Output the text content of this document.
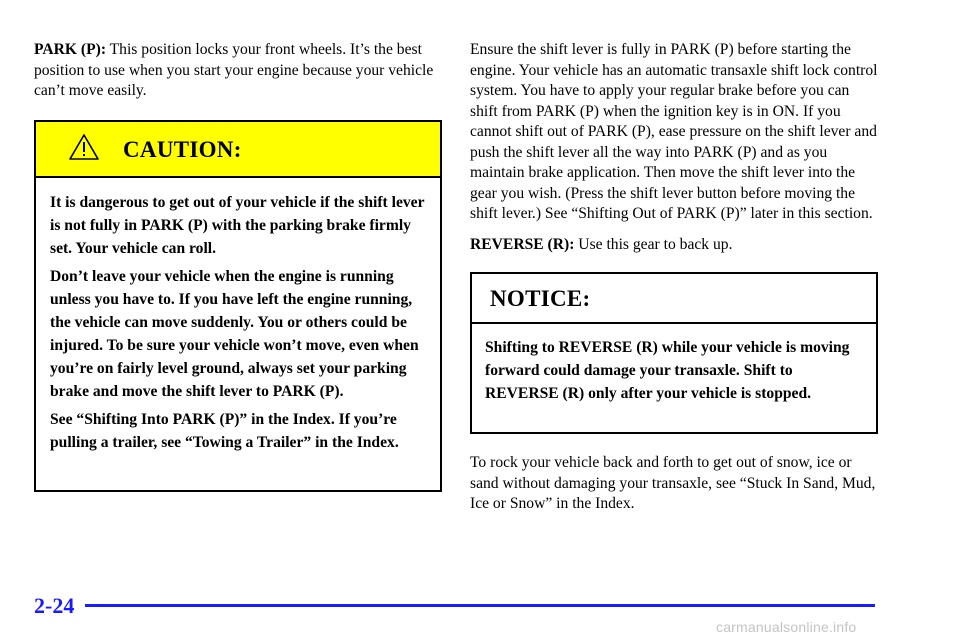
PARK (P): This position locks your front wheels. It’s the best position to use when you start your engine because your vehicle can’t move easily.

CAUTION:

It is dangerous to get out of your vehicle if the shift lever is not fully in PARK (P) with the parking brake firmly set. Your vehicle can roll.

Don’t leave your vehicle when the engine is running unless you have to. If you have left the engine running, the vehicle can move suddenly. You or others could be injured. To be sure your vehicle won’t move, even when you’re on fairly level ground, always set your parking brake and move the shift lever to PARK (P).

See “Shifting Into PARK (P)” in the Index. If you’re pulling a trailer, see “Towing a Trailer” in the Index.

Ensure the shift lever is fully in PARK (P) before starting the engine. Your vehicle has an automatic transaxle shift lock control system. You have to apply your regular brake before you can shift from PARK (P) when the ignition key is in ON. If you cannot shift out of PARK (P), ease pressure on the shift lever and push the shift lever all the way into PARK (P) and as you maintain brake application. Then move the shift lever into the gear you wish. (Press the shift lever button before moving the shift lever.) See “Shifting Out of PARK (P)” later in this section.

REVERSE (R): Use this gear to back up.

NOTICE:

Shifting to REVERSE (R) while your vehicle is moving forward could damage your transaxle. Shift to REVERSE (R) only after your vehicle is stopped.

To rock your vehicle back and forth to get out of snow, ice or sand without damaging your transaxle, see “Stuck In Sand, Mud, Ice or Snow” in the Index.

2-24
carmanualsonline.info
